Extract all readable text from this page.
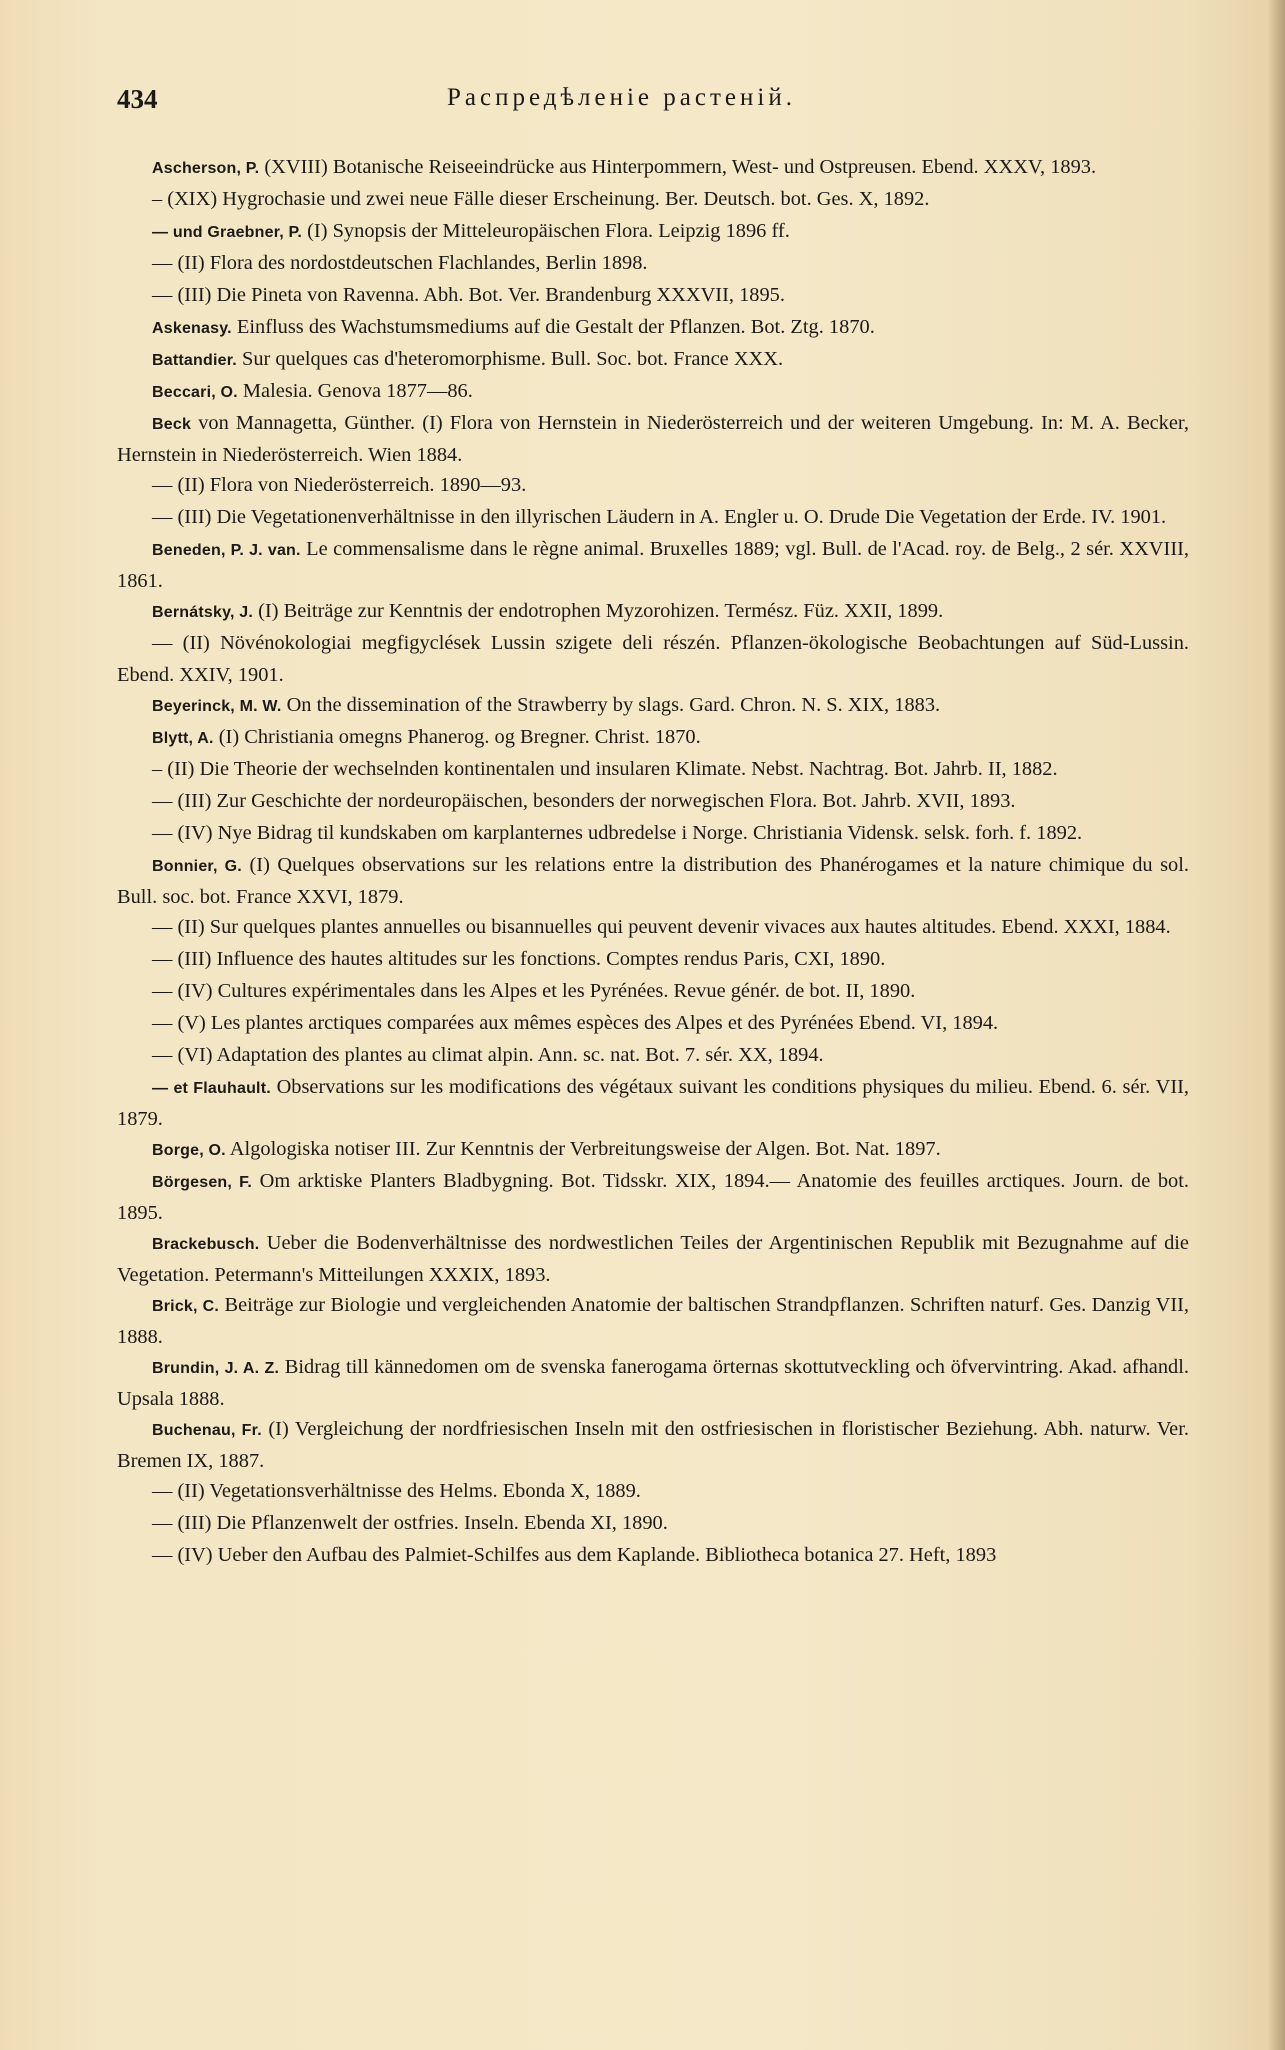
434	Распредѣленіе растеній.

Ascherson, P. (XVIII) Botanische Reiseeindrücke aus Hinterpommern, West- und Ostpreusen. Ebend. XXXV, 1893.

– (XIX) Hygrochasie und zwei neue Fälle dieser Erscheinung. Ber. Deutsch. bot. Ges. X, 1892.

— und Graebner, P. (I) Synopsis der Mitteleuropäischen Flora. Leipzig 1896 ff.

— (II) Flora des nordostdeutschen Flachlandes, Berlin 1898.

— (III) Die Pineta von Ravenna. Abh. Bot. Ver. Brandenburg XXXVII, 1895.

Askenasy. Einfluss des Wachstumsmediums auf die Gestalt der Pflanzen. Bot. Ztg. 1870.

Battandier. Sur quelques cas d'heteromorphisme. Bull. Soc. bot. France XXX.

Beccari, O. Malesia. Genova 1877—86.

Beck von Mannagetta, Günther. (I) Flora von Hernstein in Niederösterreich und der weiteren Umgebung. In: M. A. Becker, Hernstein in Niederösterreich. Wien 1884.

— (II) Flora von Niederösterreich. 1890—93.

— (III) Die Vegetationenverhältnisse in den illyrischen Läudern in A. Engler u. O. Drude Die Vegetation der Erde. IV. 1901.

Beneden, P. J. van. Le commensalisme dans le règne animal. Bruxelles 1889; vgl. Bull. de l'Acad. roy. de Belg., 2 sér. XXVIII, 1861.

Bernátsky, J. (I) Beiträge zur Kenntnis der endotrophen Myzorohizen. Termész. Füz. XXII, 1899.

— (II) Növénokologiai megfigyclések Lussin szigete deli részén. Pflanzen-ökologische Beobachtungen auf Süd-Lussin. Ebend. XXIV, 1901.

Beyerinck, M. W. On the dissemination of the Strawberry by slags. Gard. Chron. N. S. XIX, 1883.

Blytt, A. (I) Christiania omegns Phanerog. og Bregner. Christ. 1870.

– (II) Die Theorie der wechselnden kontinentalen und insularen Klimate. Nebst. Nachtrag. Bot. Jahrb. II, 1882.

— (III) Zur Geschichte der nordeuropäischen, besonders der norwegischen Flora. Bot. Jahrb. XVII, 1893.

— (IV) Nye Bidrag til kundskaben om karplanternes udbredelse i Norge. Christiania Vidensk. selsk. forh. f. 1892.

Bonnier, G. (I) Quelques observations sur les relations entre la distribution des Phanérogames et la nature chimique du sol. Bull. soc. bot. France XXVI, 1879.

— (II) Sur quelques plantes annuelles ou bisannuelles qui peuvent devenir vivaces aux hautes altitudes. Ebend. XXXI, 1884.

— (III) Influence des hautes altitudes sur les fonctions. Comptes rendus Paris, CXI, 1890.

— (IV) Cultures expérimentales dans les Alpes et les Pyrénées. Revue génér. de bot. II, 1890.

— (V) Les plantes arctiques comparées aux mêmes espèces des Alpes et des Pyrénées Ebend. VI, 1894.

— (VI) Adaptation des plantes au climat alpin. Ann. sc. nat. Bot. 7. sér. XX, 1894.

— et Flauhault. Observations sur les modifications des végétaux suivant les conditions physiques du milieu. Ebend. 6. sér. VII, 1879.

Borge, O. Algologiska notiser III. Zur Kenntnis der Verbreitungsweise der Algen. Bot. Nat. 1897.

Börgesen, F. Om arktiske Planters Bladbygning. Bot. Tidsskr. XIX, 1894.— Anatomie des feuilles arctiques. Journ. de bot. 1895.

Brackebusch. Ueber die Bodenverhältnisse des nordwestlichen Teiles der Argentinischen Republik mit Bezugnahme auf die Vegetation. Petermann's Mitteilungen XXXIX, 1893.

Brick, C. Beiträge zur Biologie und vergleichenden Anatomie der baltischen Strandpflanzen. Schriften naturf. Ges. Danzig VII, 1888.

Brundin, J. A. Z. Bidrag till kännedomen om de svenska fanerogama örternas skottutveckling och öfvervintring. Akad. afhandl. Upsala 1888.

Buchenau, Fr. (I) Vergleichung der nordfriesischen Inseln mit den ostfriesischen in floristischer Beziehung. Abh. naturw. Ver. Bremen IX, 1887.

— (II) Vegetationsverhältnisse des Helms. Ebonda X, 1889.

— (III) Die Pflanzenwelt der ostfries. Inseln. Ebenda XI, 1890.

— (IV) Ueber den Aufbau des Palmiet-Schilfes aus dem Kaplande. Bibliotheca botanica 27. Heft, 1893
